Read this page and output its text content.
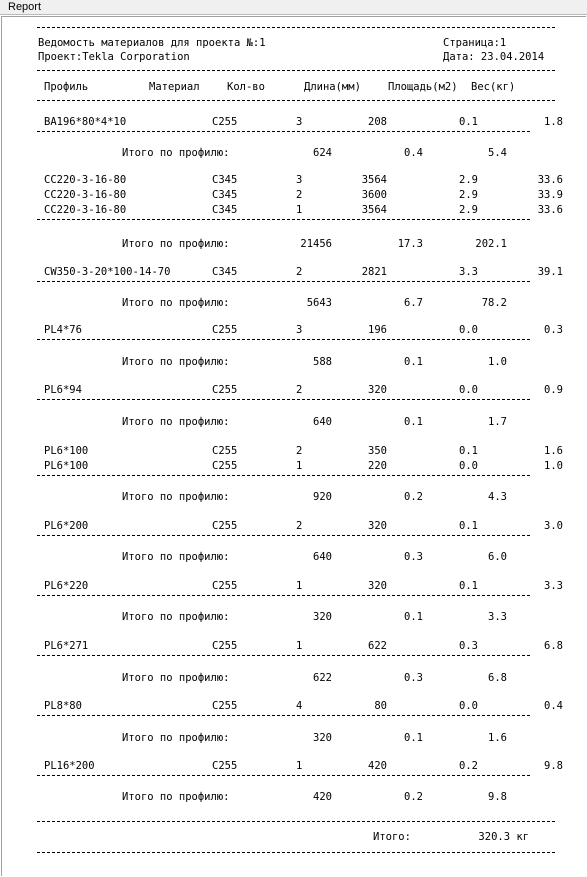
Report
Ведомость материалов для проекта №:1	Страница:1
Проект:Tekla Corporation	Дата: 23.04.2014
Профиль	Материал	Кол-во	Длина(мм)	Площадь(м2) Вес(кг)
BA196*80*4*10	C255	3	208	0.1	1.8
Итого по профилю:	624	0.4	5.4
CC220-3-16-80	C345	3	3564	2.9	33.6
CC220-3-16-80	C345	2	3600	2.9	33.9
CC220-3-16-80	C345	1	3564	2.9	33.6
Итого по профилю:	21456	17.3	202.1
CW350-3-20*100-14-70	C345	2	2821	3.3	39.1
Итого по профилю:	5643	6.7	78.2
PL4*76	C255	3	196	0.0	0.3
Итого по профилю:	588	0.1	1.0
PL6*94	C255	2	320	0.0	0.9
Итого по профилю:	640	0.1	1.7
PL6*100	C255	2	350	0.1	1.6
PL6*100	C255	1	220	0.0	1.0
Итого по профилю:	920	0.2	4.3
PL6*200	C255	2	320	0.1	3.0
Итого по профилю:	640	0.3	6.0
PL6*220	C255	1	320	0.1	3.3
Итого по профилю:	320	0.1	3.3
PL6*271	C255	1	622	0.3	6.8
Итого по профилю:	622	0.3	6.8
PL8*80	C255	4	80	0.0	0.4
Итого по профилю:	320	0.1	1.6
PL16*200	C255	1	420	0.2	9.8
Итого по профилю:	420	0.2	9.8
Итого:	320.3 кг
